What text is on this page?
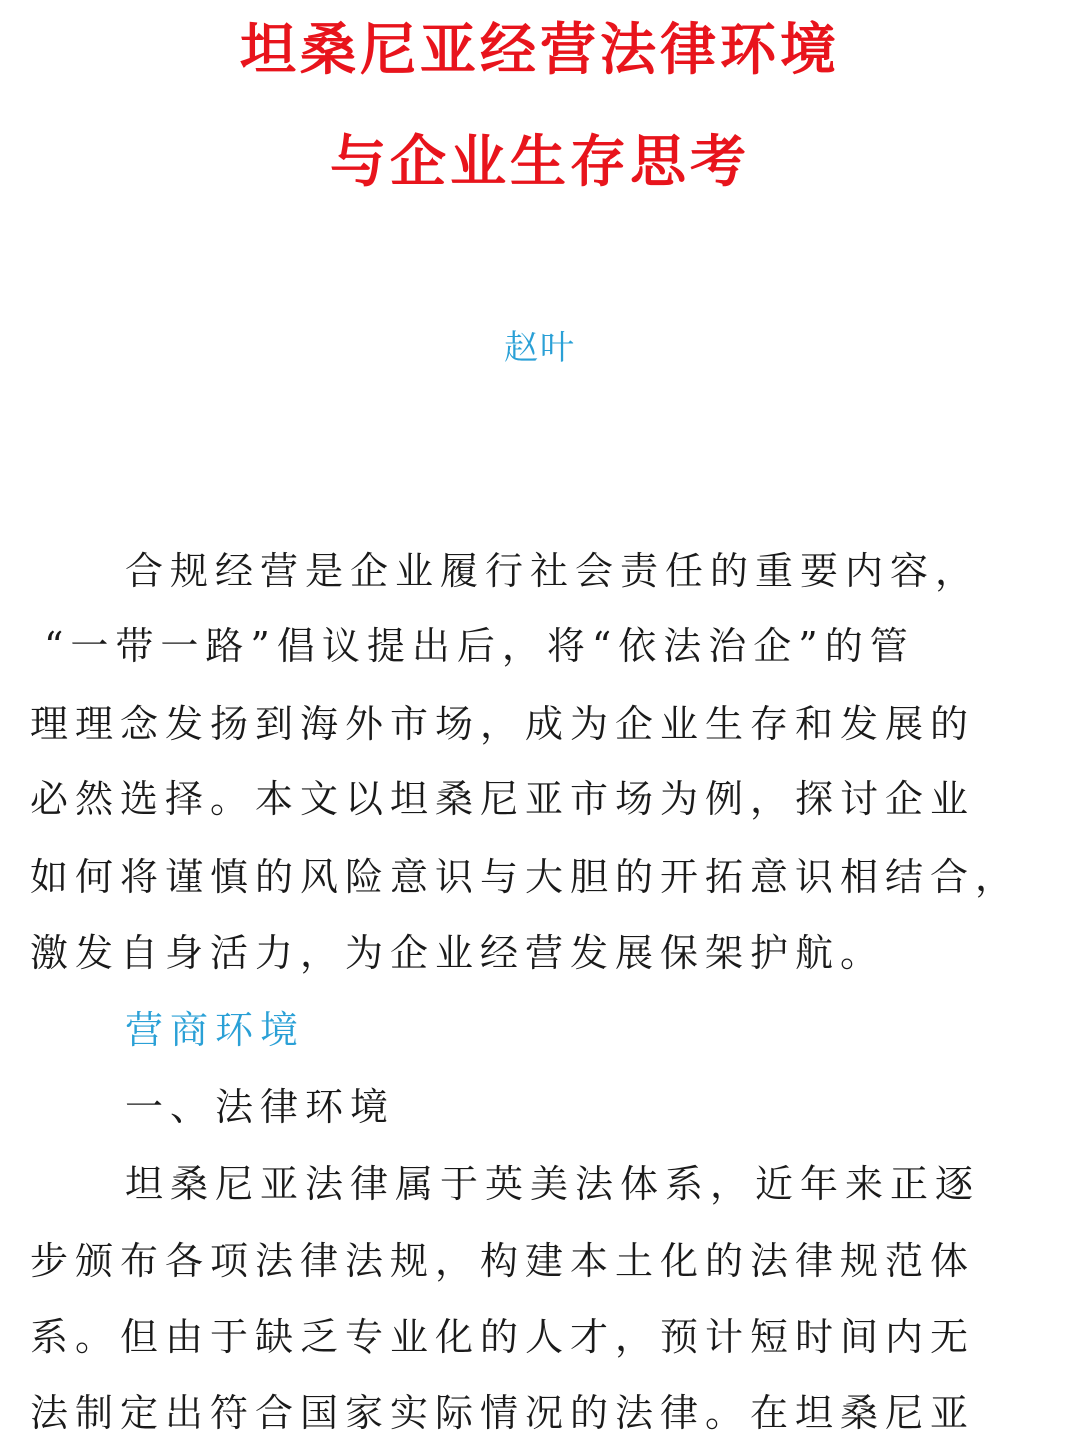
坦桑尼亚经营法律环境
与企业生存思考
赵叶
合规经营是企业履行社会责任的重要内容，
“一带一路”倡议提出后，将“依法治企”的管
理理念发扬到海外市场，成为企业生存和发展的
必然选择。本文以坦桑尼亚市场为例，探讨企业
如何将谨慎的风险意识与大胆的开拓意识相结合，
激发自身活力，为企业经营发展保架护航。
营商环境
一、法律环境
坦桑尼亚法律属于英美法体系，近年来正逐
步颁布各项法律法规，构建本土化的法律规范体
系。但由于缺乏专业化的人才，预计短时间内无
法制定出符合国家实际情况的法律。在坦桑尼亚
